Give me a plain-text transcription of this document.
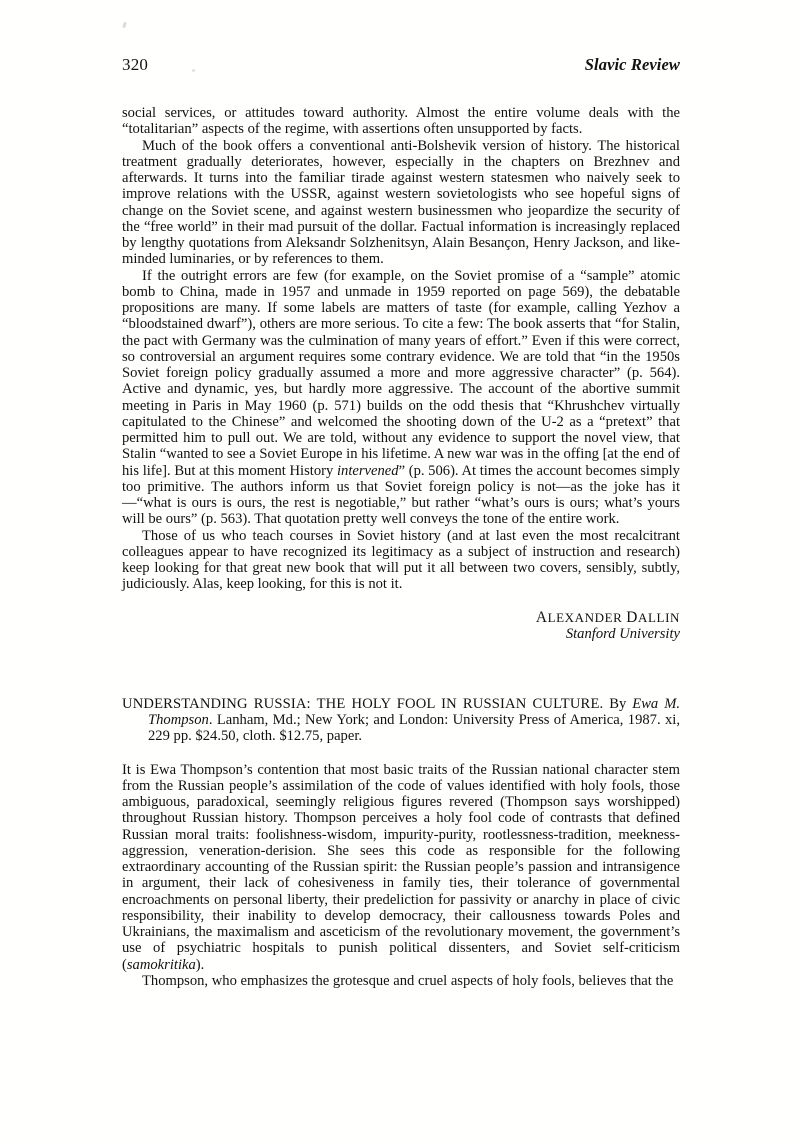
320	Slavic Review

social services, or attitudes toward authority. Almost the entire volume deals with the “totalitarian” aspects of the regime, with assertions often unsupported by facts.

Much of the book offers a conventional anti-Bolshevik version of history. The historical treatment gradually deteriorates, however, especially in the chapters on Brezhnev and afterwards. It turns into the familiar tirade against western statesmen who naively seek to improve relations with the USSR, against western sovietologists who see hopeful signs of change on the Soviet scene, and against western businessmen who jeopardize the security of the “free world” in their mad pursuit of the dollar. Factual information is increasingly replaced by lengthy quotations from Aleksandr Solzhenitsyn, Alain Besançon, Henry Jackson, and like-minded luminaries, or by references to them.

If the outright errors are few (for example, on the Soviet promise of a “sample” atomic bomb to China, made in 1957 and unmade in 1959 reported on page 569), the debatable propositions are many. If some labels are matters of taste (for example, calling Yezhov a “bloodstained dwarf”), others are more serious. To cite a few: The book asserts that “for Stalin, the pact with Germany was the culmination of many years of effort.” Even if this were correct, so controversial an argument requires some contrary evidence. We are told that “in the 1950s Soviet foreign policy gradually assumed a more and more aggressive character” (p. 564). Active and dynamic, yes, but hardly more aggressive. The account of the abortive summit meeting in Paris in May 1960 (p. 571) builds on the odd thesis that “Khrushchev virtually capitulated to the Chinese” and welcomed the shooting down of the U-2 as a “pretext” that permitted him to pull out. We are told, without any evidence to support the novel view, that Stalin “wanted to see a Soviet Europe in his lifetime. A new war was in the offing [at the end of his life]. But at this moment History intervened” (p. 506). At times the account becomes simply too primitive. The authors inform us that Soviet foreign policy is not—as the joke has it—“what is ours is ours, the rest is negotiable,” but rather “what’s ours is ours; what’s yours will be ours” (p. 563). That quotation pretty well conveys the tone of the entire work.

Those of us who teach courses in Soviet history (and at last even the most recalcitrant colleagues appear to have recognized its legitimacy as a subject of instruction and research) keep looking for that great new book that will put it all between two covers, sensibly, subtly, judiciously. Alas, keep looking, for this is not it.

ALEXANDER DALLIN
Stanford University

UNDERSTANDING RUSSIA: THE HOLY FOOL IN RUSSIAN CULTURE. By Ewa M. Thompson. Lanham, Md.; New York; and London: University Press of America, 1987. xi, 229 pp. $24.50, cloth. $12.75, paper.

It is Ewa Thompson’s contention that most basic traits of the Russian national character stem from the Russian people’s assimilation of the code of values identified with holy fools, those ambiguous, paradoxical, seemingly religious figures revered (Thompson says worshipped) throughout Russian history. Thompson perceives a holy fool code of contrasts that defined Russian moral traits: foolishness-wisdom, impurity-purity, rootlessness-tradition, meekness-aggression, veneration-derision. She sees this code as responsible for the following extraordinary accounting of the Russian spirit: the Russian people’s passion and intransigence in argument, their lack of cohesiveness in family ties, their tolerance of governmental encroachments on personal liberty, their predeliction for passivity or anarchy in place of civic responsibility, their inability to develop democracy, their callousness towards Poles and Ukrainians, the maximalism and asceticism of the revolutionary movement, the government’s use of psychiatric hospitals to punish political dissenters, and Soviet self-criticism (samokritika).

Thompson, who emphasizes the grotesque and cruel aspects of holy fools, believes that the
